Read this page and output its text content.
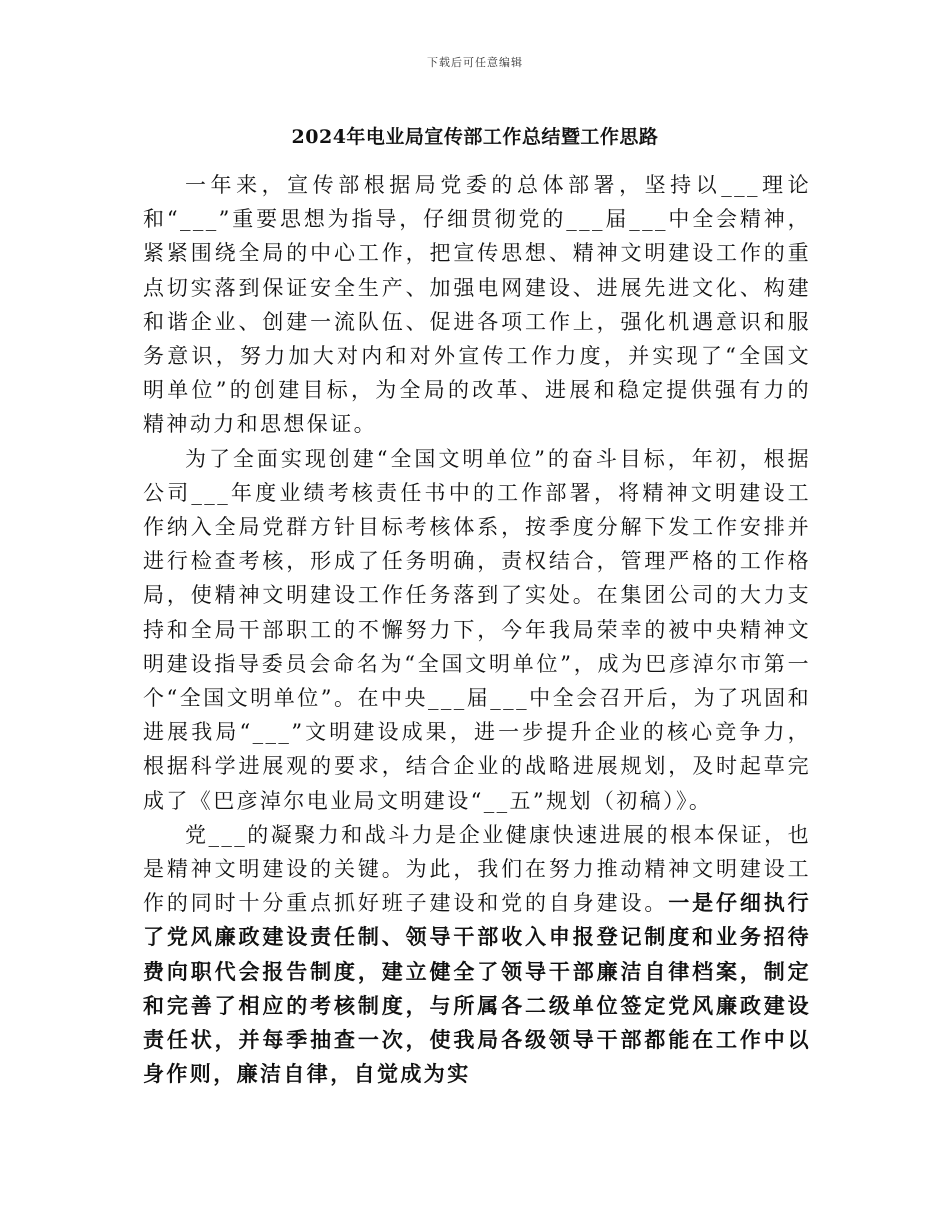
下载后可任意编辑
2024年电业局宣传部工作总结暨工作思路

一年来，宣传部根据局党委的总体部署，坚持以___理论和“___”重要思想为指导，仔细贯彻党的___届___中全会精神，紧紧围绕全局的中心工作，把宣传思想、精神文明建设工作的重点切实落到保证安全生产、加强电网建设、进展先进文化、构建和谐企业、创建一流队伍、促进各项工作上，强化机遇意识和服务意识，努力加大对内和对外宣传工作力度，并实现了“全国文明单位”的创建目标，为全局的改革、进展和稳定提供强有力的精神动力和思想保证。

为了全面实现创建“全国文明单位”的奋斗目标，年初，根据公司___年度业绩考核责任书中的工作部署，将精神文明建设工作纳入全局党群方针目标考核体系，按季度分解下发工作安排并进行检查考核，形成了任务明确，责权结合，管理严格的工作格局，使精神文明建设工作任务落到了实处。在集团公司的大力支持和全局干部职工的不懈努力下，今年我局荣幸的被中央精神文明建设指导委员会命名为“全国文明单位”，成为巴彦淖尔市第一个“全国文明单位”。在中央___届___中全会召开后，为了巩固和进展我局“___”文明建设成果，进一步提升企业的核心竞争力，根据科学进展观的要求，结合企业的战略进展规划，及时起草完成了《巴彦淖尔电业局文明建设“__五”规划（初稿）》。

党___的凝聚力和战斗力是企业健康快速进展的根本保证，也是精神文明建设的关键。为此，我们在努力推动精神文明建设工作的同时十分重点抓好班子建设和党的自身建设。一是仔细执行了党风廉政建设责任制、领导干部收入申报登记制度和业务招待费向职代会报告制度，建立健全了领导干部廉洁自律档案，制定和完善了相应的考核制度，与所属各二级单位签定党风廉政建设责任状，并每季抽查一次，使我局各级领导干部都能在工作中以身作则，廉洁自律，自觉成为实
